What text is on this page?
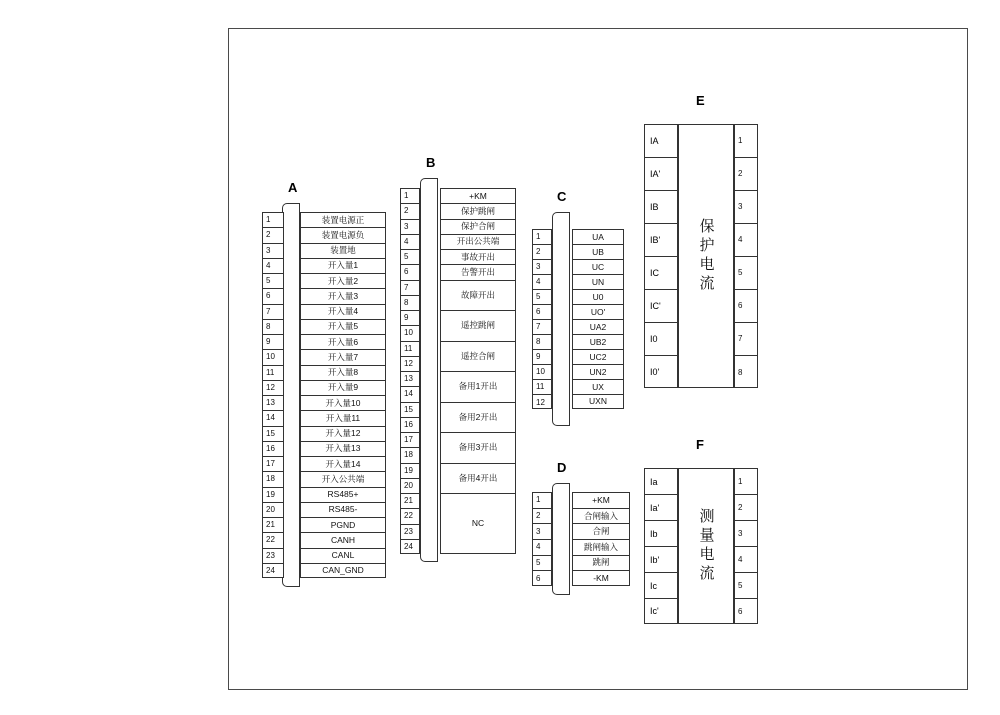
A
1
2
3
4
5
6
7
8
9
10
11
12
13
14
15
16
17
18
19
20
21
22
23
24
装置电源正
装置电源负
装置地
开入量1
开入量2
开入量3
开入量4
开入量5
开入量6
开入量7
开入量8
开入量9
开入量10
开入量11
开入量12
开入量13
开入量14
开入公共端
RS485+
RS485-
PGND
CANH
CANL
CAN_GND
B
1
2
3
4
5
6
7
8
9
10
11
12
13
14
15
16
17
18
19
20
21
22
23
24
+KM
保护跳闸
保护合闸
开出公共端
事故开出
告警开出
故障开出
遥控跳闸
遥控合闸
备用1开出
备用2开出
备用3开出
备用4开出
NC
C
1
2
3
4
5
6
7
8
9
10
11
12
UA
UB
UC
UN
U0
UO'
UA2
UB2
UC2
UN2
UX
UXN
D
1
2
3
4
5
6
+KM
合闸输入
合闸
跳闸输入
跳闸
-KM
E
IA
IA'
IB
IB'
IC
IC'
I0
I0'
保护电流
1
2
3
4
5
6
7
8
F
Ia
Ia'
Ib
Ib'
Ic
Ic'
测量电流
1
2
3
4
5
6
